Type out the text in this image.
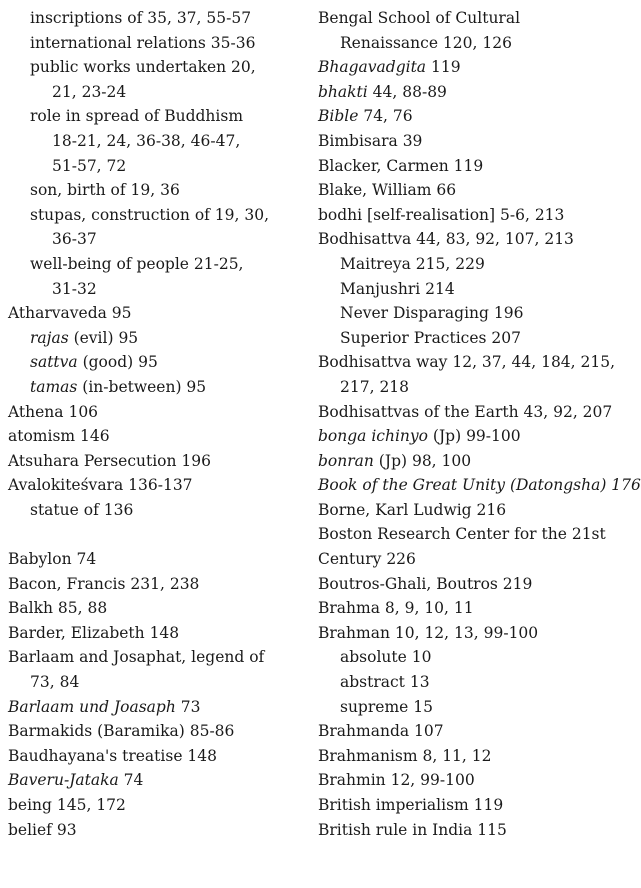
inscriptions of 35, 37, 55-57
international relations 35-36
public works undertaken 20,
21, 23-24
role in spread of Buddhism
18-21, 24, 36-38, 46-47,
51-57, 72
son, birth of 19, 36
stupas, construction of 19, 30,
36-37
well-being of people 21-25,
31-32
Atharvaveda 95
rajas (evil) 95
sattva (good) 95
tamas (in-between) 95
Athena 106
atomism 146
Atsuhara Persecution 196
Avalokiteśvara 136-137
statue of 136
Babylon 74
Bacon, Francis 231, 238
Balkh 85, 88
Barder, Elizabeth 148
Barlaam and Josaphat, legend of
73, 84
Barlaam und Joasaph 73
Barmakids (Baramika) 85-86
Baudhayana's treatise 148
Baveru-Jataka 74
being 145, 172
belief 93
Bengal School of Cultural
Renaissance 120, 126
Bhagavadgita 119
bhakti 44, 88-89
Bible 74, 76
Bimbisara 39
Blacker, Carmen 119
Blake, William 66
bodhi [self-realisation] 5-6, 213
Bodhisattva 44, 83, 92, 107, 213
Maitreya 215, 229
Manjushri 214
Never Disparaging 196
Superior Practices 207
Bodhisattva way 12, 37, 44, 184, 215,
217, 218
Bodhisattvas of the Earth 43, 92, 207
bonga ichinyo (Jp) 99-100
bonran (Jp) 98, 100
Book of the Great Unity (Datongsha) 176
Borne, Karl Ludwig 216
Boston Research Center for the 21st
Century 226
Boutros-Ghali, Boutros 219
Brahma 8, 9, 10, 11
Brahman 10, 12, 13, 99-100
absolute 10
abstract 13
supreme 15
Brahmanda 107
Brahmanism 8, 11, 12
Brahmin 12, 99-100
British imperialism 119
British rule in India 115
